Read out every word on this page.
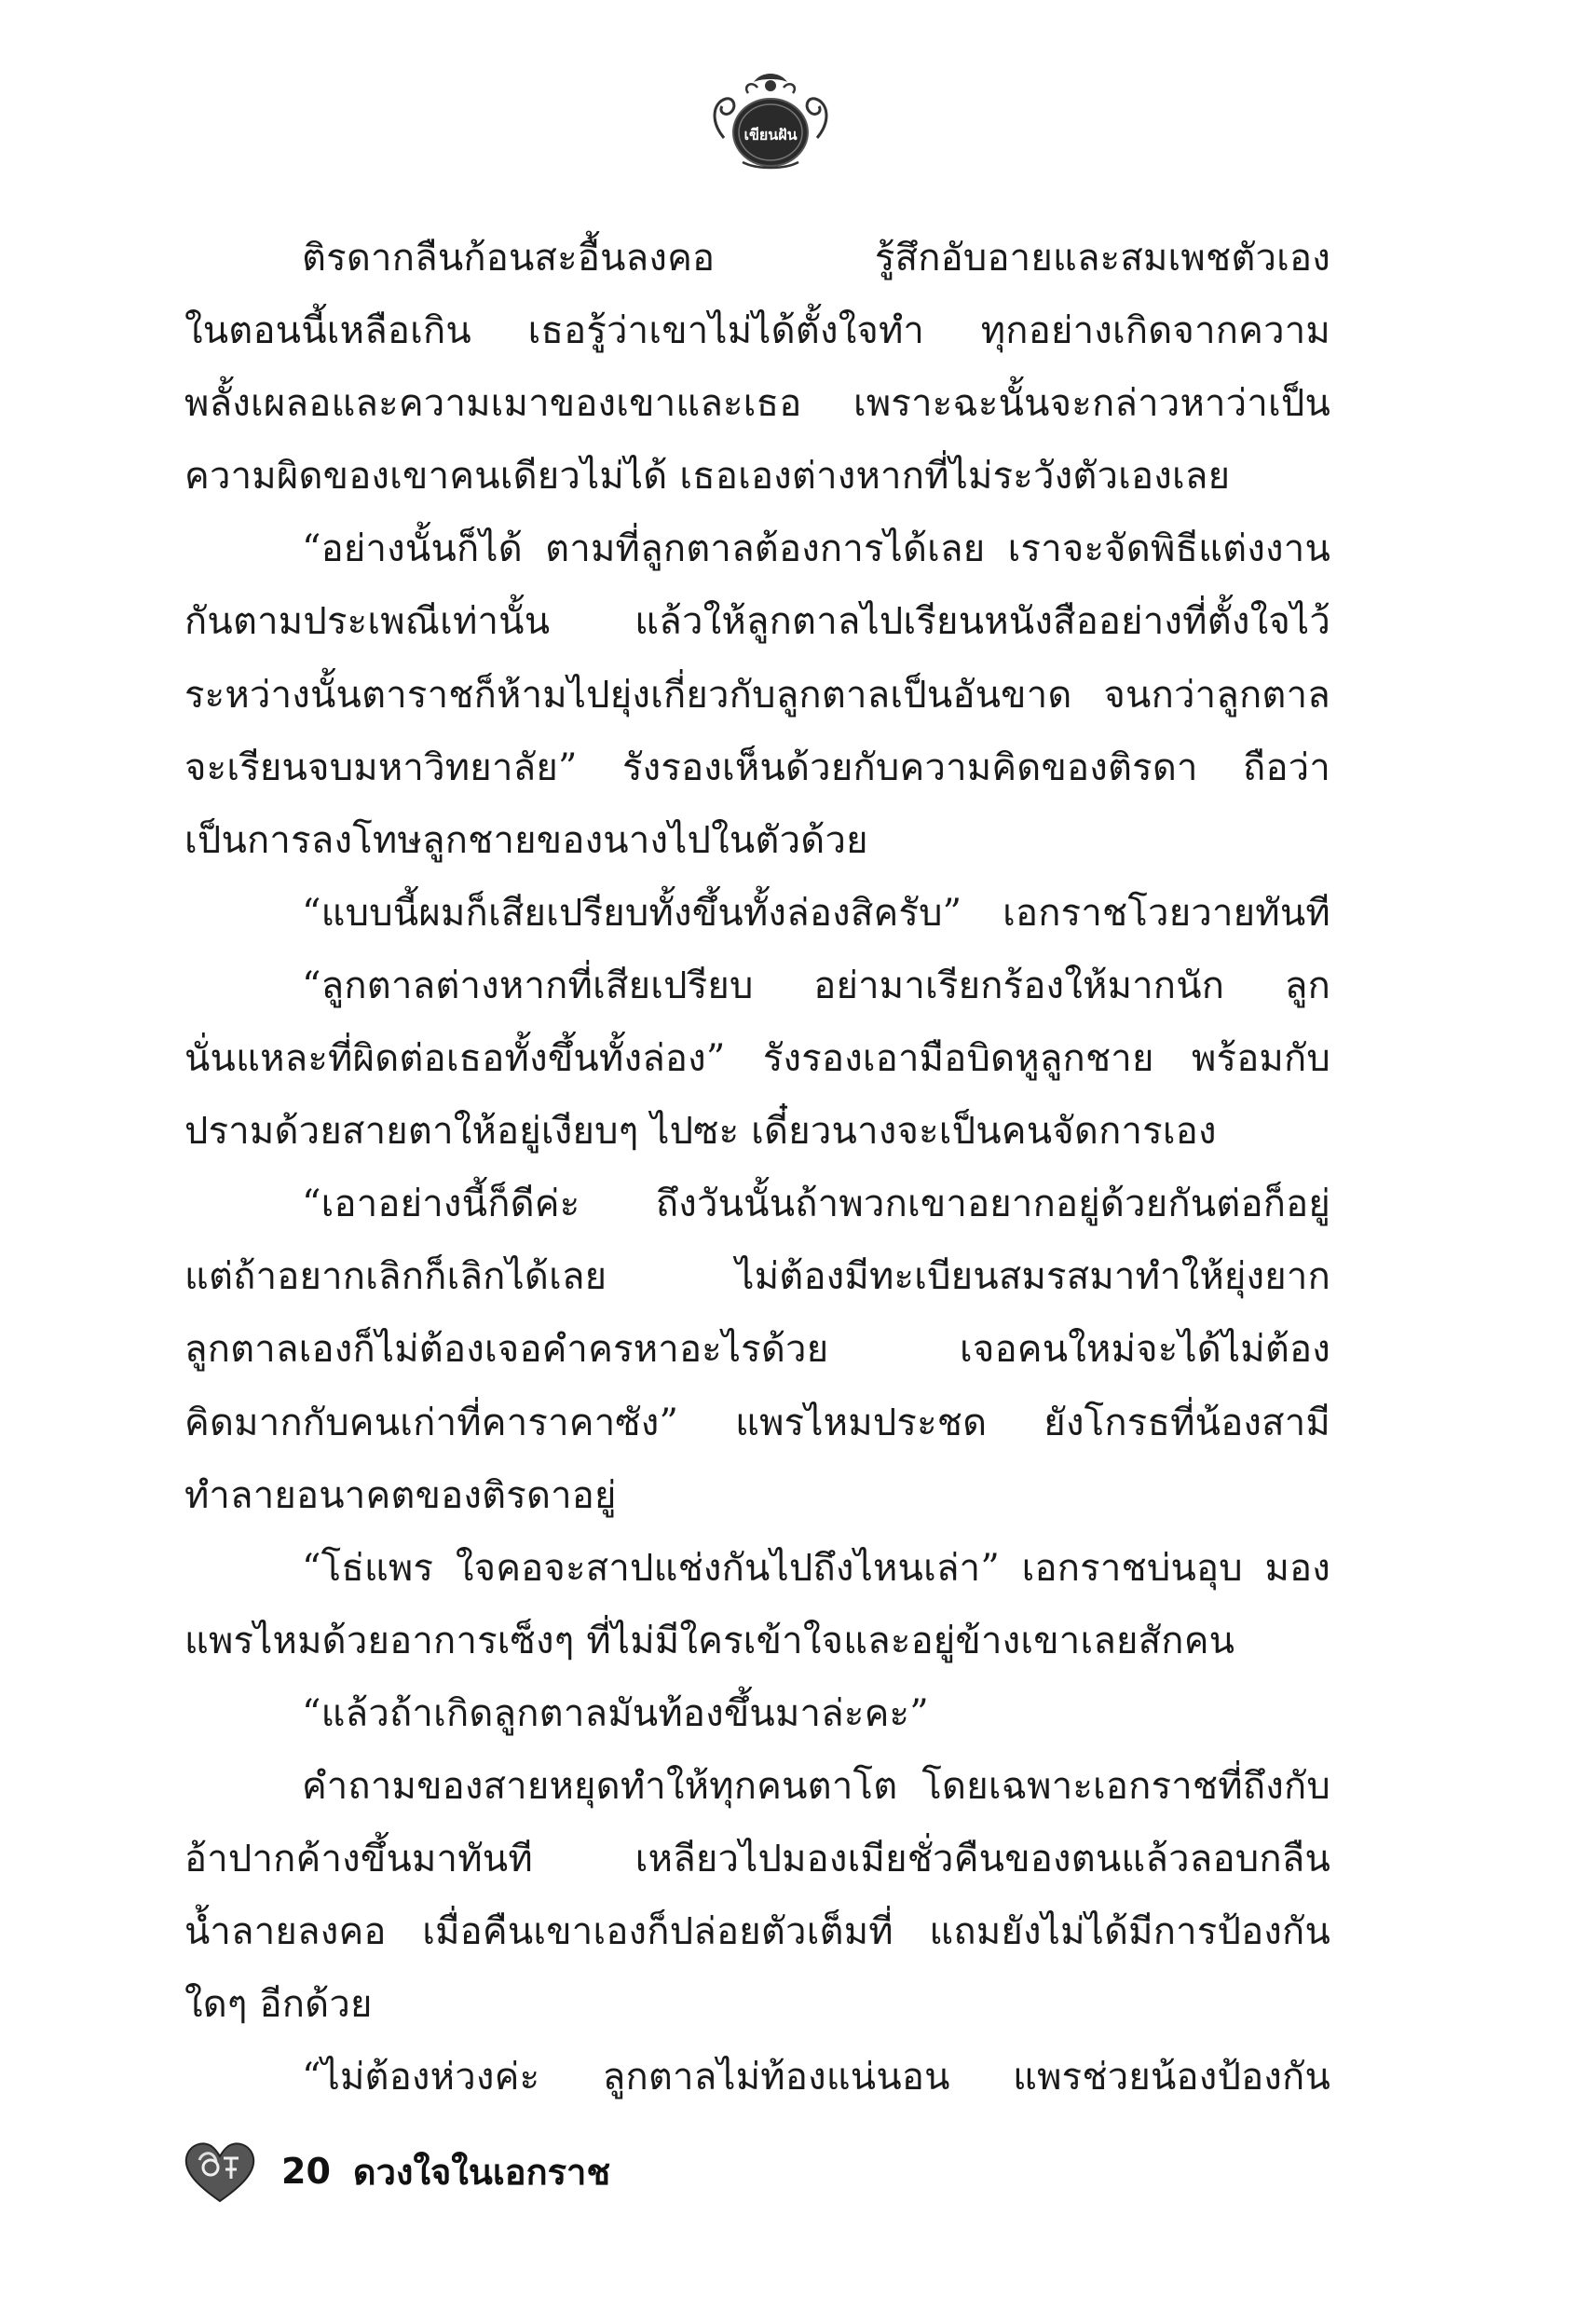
เขียนฝัน
ติรดากลืนก้อนสะอื้นลงคอ รู้สึกอับอายและสมเพชตัวเอง
ในตอนนี้เหลือเกิน เธอรู้ว่าเขาไม่ได้ตั้งใจทำ ทุกอย่างเกิดจากความ
พลั้งเผลอและความเมาของเขาและเธอ เพราะฉะนั้นจะกล่าวหาว่าเป็น
ความผิดของเขาคนเดียวไม่ได้ เธอเองต่างหากที่ไม่ระวังตัวเองเลย
“อย่างนั้นก็ได้ ตามที่ลูกตาลต้องการได้เลย เราจะจัดพิธีแต่งงาน
กันตามประเพณีเท่านั้น แล้วให้ลูกตาลไปเรียนหนังสืออย่างที่ตั้งใจไว้
ระหว่างนั้นตาราชก็ห้ามไปยุ่งเกี่ยวกับลูกตาลเป็นอันขาด จนกว่าลูกตาล
จะเรียนจบมหาวิทยาลัย” รังรองเห็นด้วยกับความคิดของติรดา ถือว่า
เป็นการลงโทษลูกชายของนางไปในตัวด้วย
“แบบนี้ผมก็เสียเปรียบทั้งขึ้นทั้งล่องสิครับ” เอกราชโวยวายทันที
“ลูกตาลต่างหากที่เสียเปรียบ อย่ามาเรียกร้องให้มากนัก ลูก
นั่นแหละที่ผิดต่อเธอทั้งขึ้นทั้งล่อง” รังรองเอามือบิดหูลูกชาย พร้อมกับ
ปรามด้วยสายตาให้อยู่เงียบๆ ไปซะ เดี๋ยวนางจะเป็นคนจัดการเอง
“เอาอย่างนี้ก็ดีค่ะ ถึงวันนั้นถ้าพวกเขาอยากอยู่ด้วยกันต่อก็อยู่
แต่ถ้าอยากเลิกก็เลิกได้เลย ไม่ต้องมีทะเบียนสมรสมาทำให้ยุ่งยาก
ลูกตาลเองก็ไม่ต้องเจอคำครหาอะไรด้วย เจอคนใหม่จะได้ไม่ต้อง
คิดมากกับคนเก่าที่คาราคาซัง” แพรไหมประชด ยังโกรธที่น้องสามี
ทำลายอนาคตของติรดาอยู่
“โธ่แพร ใจคอจะสาปแช่งกันไปถึงไหนเล่า” เอกราชบ่นอุบ มอง
แพรไหมด้วยอาการเซ็งๆ ที่ไม่มีใครเข้าใจและอยู่ข้างเขาเลยสักคน
“แล้วถ้าเกิดลูกตาลมันท้องขึ้นมาล่ะคะ”
คำถามของสายหยุดทำให้ทุกคนตาโต โดยเฉพาะเอกราชที่ถึงกับ
อ้าปากค้างขึ้นมาทันที เหลียวไปมองเมียชั่วคืนของตนแล้วลอบกลืน
น้ำลายลงคอ เมื่อคืนเขาเองก็ปล่อยตัวเต็มที่ แถมยังไม่ได้มีการป้องกัน
ใดๆ อีกด้วย
“ไม่ต้องห่วงค่ะ ลูกตาลไม่ท้องแน่นอน แพรช่วยน้องป้องกัน
20 ดวงใจในเอกราช
